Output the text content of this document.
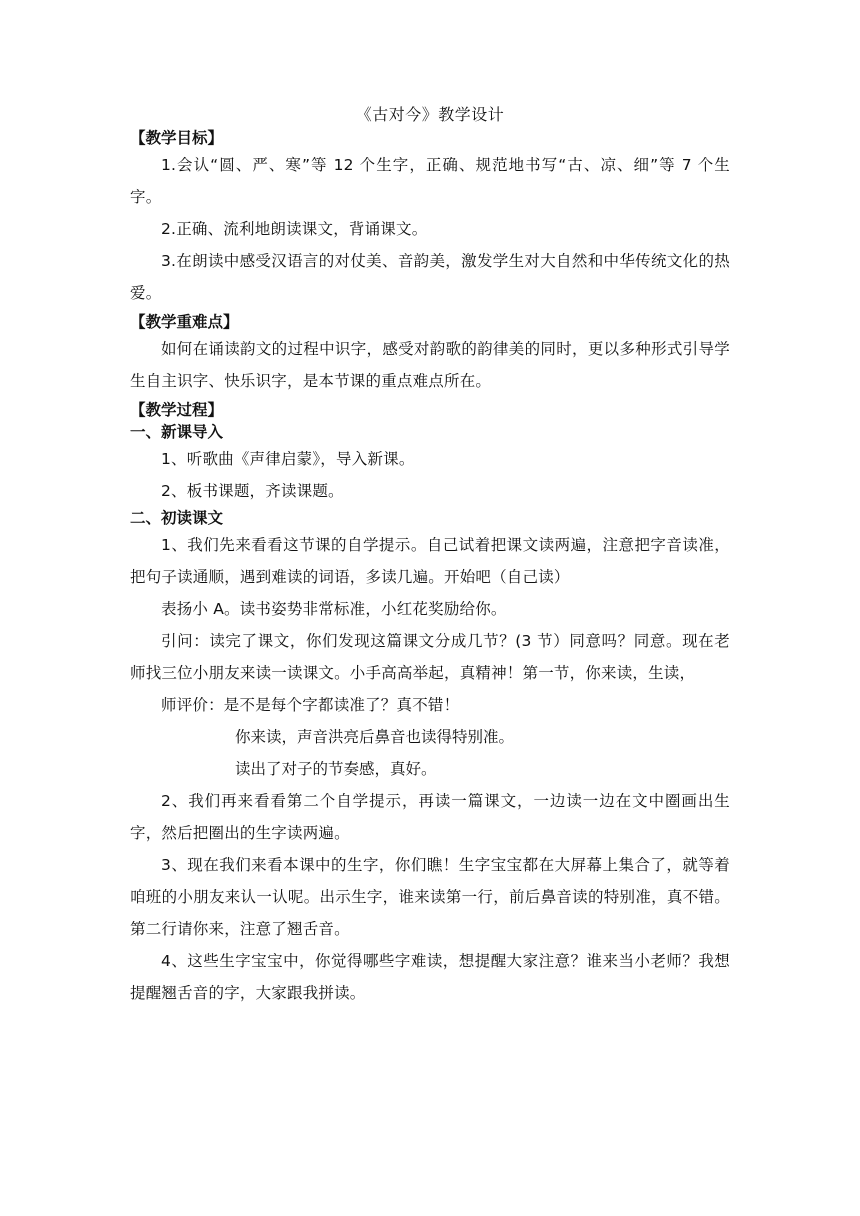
《古对今》教学设计

【教学目标】

1.会认“圆、严、寒”等 12 个生字，正确、规范地书写“古、凉、细”等 7 个生字。

2.正确、流利地朗读课文，背诵课文。

3.在朗读中感受汉语言的对仗美、音韵美，激发学生对大自然和中华传统文化的热爱。

【教学重难点】

如何在诵读韵文的过程中识字，感受对韵歌的韵律美的同时，更以多种形式引导学生自主识字、快乐识字，是本节课的重点难点所在。

【教学过程】

一、新课导入

1、听歌曲《声律启蒙》，导入新课。

2、板书课题，齐读课题。

二、初读课文

1、我们先来看看这节课的自学提示。自己试着把课文读两遍，注意把字音读准，把句子读通顺，遇到难读的词语，多读几遍。开始吧（自己读）

表扬小 A。读书姿势非常标准，小红花奖励给你。

引问：读完了课文，你们发现这篇课文分成几节？(3 节）同意吗？同意。现在老师找三位小朋友来读一读课文。小手高高举起，真精神！第一节，你来读，生读，

师评价：是不是每个字都读准了？真不错！

你来读，声音洪亮后鼻音也读得特别准。

读出了对子的节奏感，真好。

2、我们再来看看第二个自学提示，再读一篇课文，一边读一边在文中圈画出生字，然后把圈出的生字读两遍。

3、现在我们来看本课中的生字，你们瞧！生字宝宝都在大屏幕上集合了，就等着咱班的小朋友来认一认呢。出示生字，谁来读第一行，前后鼻音读的特别准，真不错。第二行请你来，注意了翘舌音。

4、这些生字宝宝中，你觉得哪些字难读，想提醒大家注意？谁来当小老师？我想提醒翘舌音的字，大家跟我拼读。
